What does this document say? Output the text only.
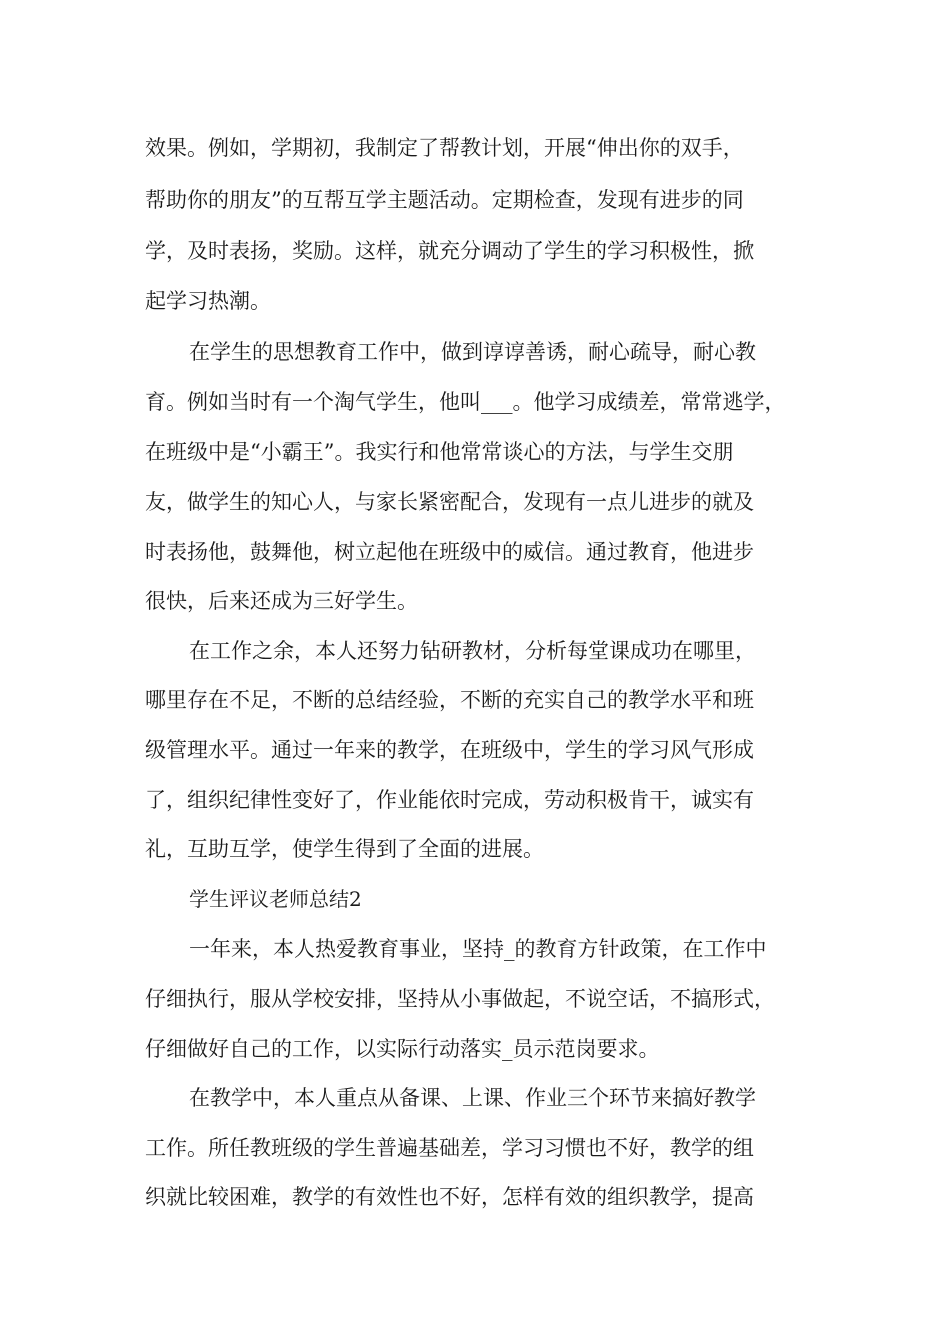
效果。例如，学期初，我制定了帮教计划，开展“伸出你的双手，

帮助你的朋友”的互帮互学主题活动。定期检查，发现有进步的同

学，及时表扬，奖励。这样，就充分调动了学生的学习积极性，掀

起学习热潮。

在学生的思想教育工作中，做到谆谆善诱，耐心疏导，耐心教

育。例如当时有一个淘气学生，他叫___。他学习成绩差，常常逃学，

在班级中是“小霸王”。我实行和他常常谈心的方法，与学生交朋

友，做学生的知心人，与家长紧密配合，发现有一点儿进步的就及

时表扬他，鼓舞他，树立起他在班级中的威信。通过教育，他进步

很快，后来还成为三好学生。

在工作之余，本人还努力钻研教材，分析每堂课成功在哪里，

哪里存在不足，不断的总结经验，不断的充实自己的教学水平和班

级管理水平。通过一年来的教学，在班级中，学生的学习风气形成

了，组织纪律性变好了，作业能依时完成，劳动积极肯干，诚实有

礼，互助互学，使学生得到了全面的进展。

学生评议老师总结2

一年来，本人热爱教育事业，坚持_的教育方针政策，在工作中

仔细执行，服从学校安排，坚持从小事做起，不说空话，不搞形式，

仔细做好自己的工作，以实际行动落实_员示范岗要求。

在教学中，本人重点从备课、上课、作业三个环节来搞好教学

工作。所任教班级的学生普遍基础差，学习习惯也不好，教学的组

织就比较困难，教学的有效性也不好，怎样有效的组织教学，提高
